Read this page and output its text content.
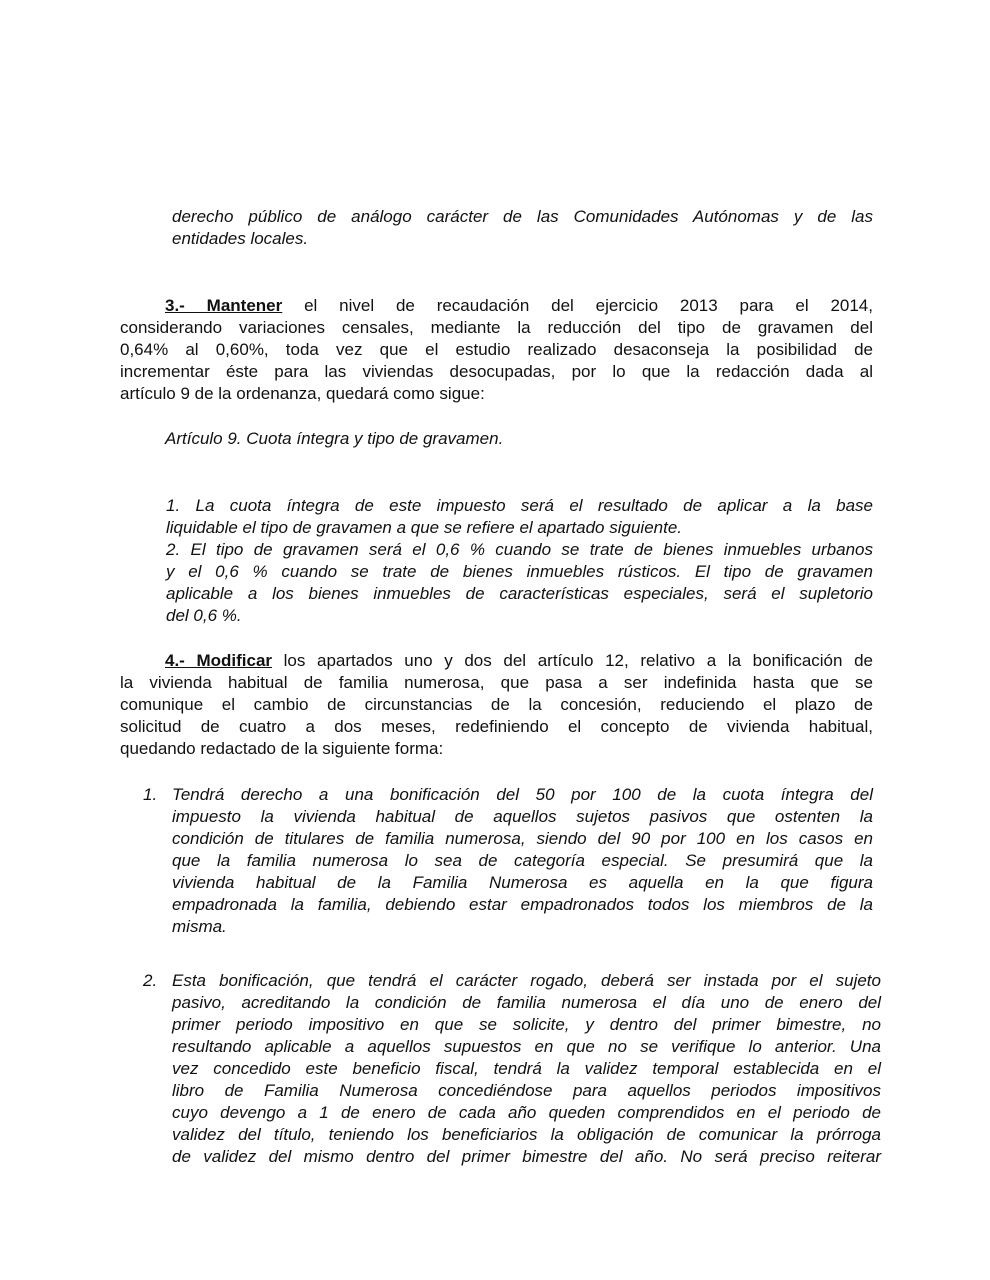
derecho público de análogo carácter de las Comunidades Autónomas y de las
entidades locales.
3.- Mantener el nivel de recaudación del ejercicio 2013 para el 2014,
considerando variaciones censales, mediante la reducción del tipo de gravamen del
0,64% al 0,60%, toda vez que el estudio realizado desaconseja la posibilidad de
incrementar éste para las viviendas desocupadas, por lo que la redacción dada al
artículo 9 de la ordenanza, quedará como sigue:
Artículo 9. Cuota íntegra y tipo de gravamen.
1. La cuota íntegra de este impuesto será el resultado de aplicar a la base
liquidable el tipo de gravamen a que se refiere el apartado siguiente.
2. El tipo de gravamen será el 0,6 % cuando se trate de bienes inmuebles urbanos
y el 0,6 % cuando se trate de bienes inmuebles rústicos. El tipo de gravamen
aplicable a los bienes inmuebles de características especiales, será el supletorio
del 0,6 %.
4.- Modificar los apartados uno y dos del artículo 12, relativo a la bonificación de
la vivienda habitual de familia numerosa, que pasa a ser indefinida hasta que se
comunique el cambio de circunstancias de la concesión, reduciendo el plazo de
solicitud de cuatro a dos meses, redefiniendo el concepto de vivienda habitual,
quedando redactado de la siguiente forma:
1. Tendrá derecho a una bonificación del 50 por 100 de la cuota íntegra del
impuesto la vivienda habitual de aquellos sujetos pasivos que ostenten la
condición de titulares de familia numerosa, siendo del 90 por 100 en los casos en
que la familia numerosa lo sea de categoría especial. Se presumirá que la
vivienda habitual de la Familia Numerosa es aquella en la que figura
empadronada la familia, debiendo estar empadronados todos los miembros de la
misma.
2. Esta bonificación, que tendrá el carácter rogado, deberá ser instada por el sujeto
pasivo, acreditando la condición de familia numerosa el día uno de enero del
primer periodo impositivo en que se solicite, y dentro del primer bimestre, no
resultando aplicable a aquellos supuestos en que no se verifique lo anterior. Una
vez concedido este beneficio fiscal, tendrá la validez temporal establecida en el
libro de Familia Numerosa concediéndose para aquellos periodos impositivos
cuyo devengo a 1 de enero de cada año queden comprendidos en el periodo de
validez del título, teniendo los beneficiarios la obligación de comunicar la prórroga
de validez del mismo dentro del primer bimestre del año. No será preciso reiterar
